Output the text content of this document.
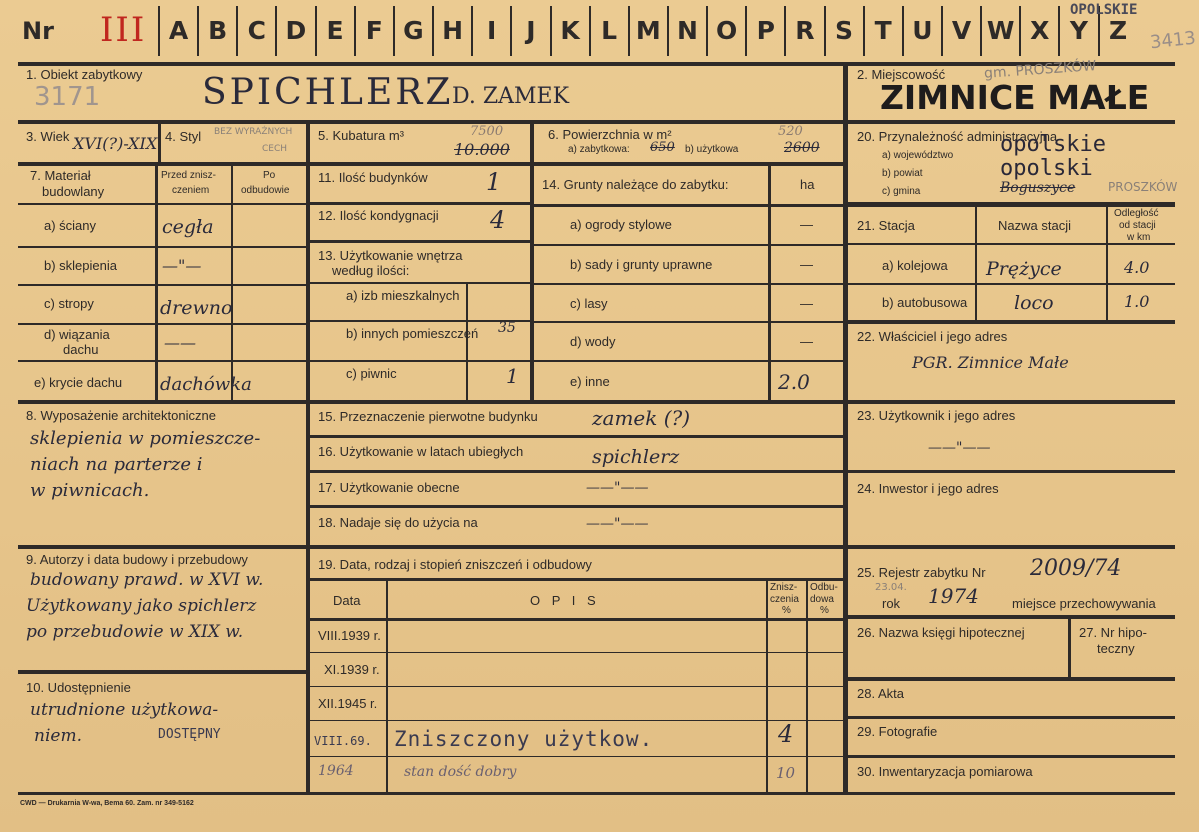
Nr III A B C D E F G H I	J K L M N O P R S T U V W X Y Z
OPOLSKIE
3413
1. Obiekt zabytkowy
3171	SPICHLERZ
D. ZAMEK
3. Wiek XVI(?)-XIX 4. Styl BEZ WYRAŹNYCH
CECH
7. Materiał
budowlany
Przed znisz-
czeniem
Po
odbudowie
a) ściany	cegła
b) sklepienia	—"—
c) stropy	drewno
d) wiązania
dachu	——
e) krycie dachu dachówka
8. Wyposażenie architektoniczne
sklepienia w pomieszcze-
niach na parterze i
w piwnicach.
9. Autorzy i data budowy i przebudowy
budowany prawd. w XVI w.
Użytkowany jako spichlerz
po przebudowie w XIX w.
10. Udostępnienie
utrudnione użytkowa-
niem.	DOSTĘPNY
5. Kubatura m³	7500
10.000
6. Powierzchnia w m²
a) zabytkowa: 650 b) użytkowa
520
2600
11. Ilość budynków 1
12. Ilość kondygnacji 4
13. Użytkowanie wnętrza
według ilości:
a) izb mieszkalnych
b) innych pomieszczeń 35
c) piwnic	1
14. Grunty należące do zabytku:	ha
a) ogrody stylowe	—
b) sady i grunty uprawne	—
c) lasy	—
d) wody	—
e) inne	2.0
15. Przeznaczenie pierwotne budynku	zamek (?)
16. Użytkowanie w latach ubiegłych	spichlerz
17. Użytkowanie obecne	——"——
18. Nadaje się do użycia na	——"——
19. Data, rodzaj i stopień zniszczeń i odbudowy
Data	O P I S
Znisz-
czenia
%
Odbu-
dowa
%
VIII.1939 r.
XI.1939 r.
XII.1945 r.
VIII.69. Zniszczony użytkow.	4
1964	stan dość dobry	10
2. Miejscowość	gm. PROSZKÓW
ZIMNICE MAŁE
20. Przynależność administracyjna
a) województwo
b) powiat
c) gmina
opolskie
opolski
Boguszyce	PROSZKÓW
21. Stacja	Nazwa stacji
Odległość
od stacji
w km
a) kolejowa Prężyce	4.0
b) autobusowa loco	1.0
22. Właściciel i jego adres
PGR. Zimnice Małe
23. Użytkownik i jego adres
——"——
24. Inwestor i jego adres
25. Rejestr zabytku Nr 2009/74
rok
23.04. 1974	miejsce przechowywania
26. Nazwa księgi hipotecznej	27. Nr hipo-
teczny
28. Akta
29. Fotografie
30. Inwentaryzacja pomiarowa
CWD — Drukarnia W-wa, Bema 60. Zam. nr 349-5162
